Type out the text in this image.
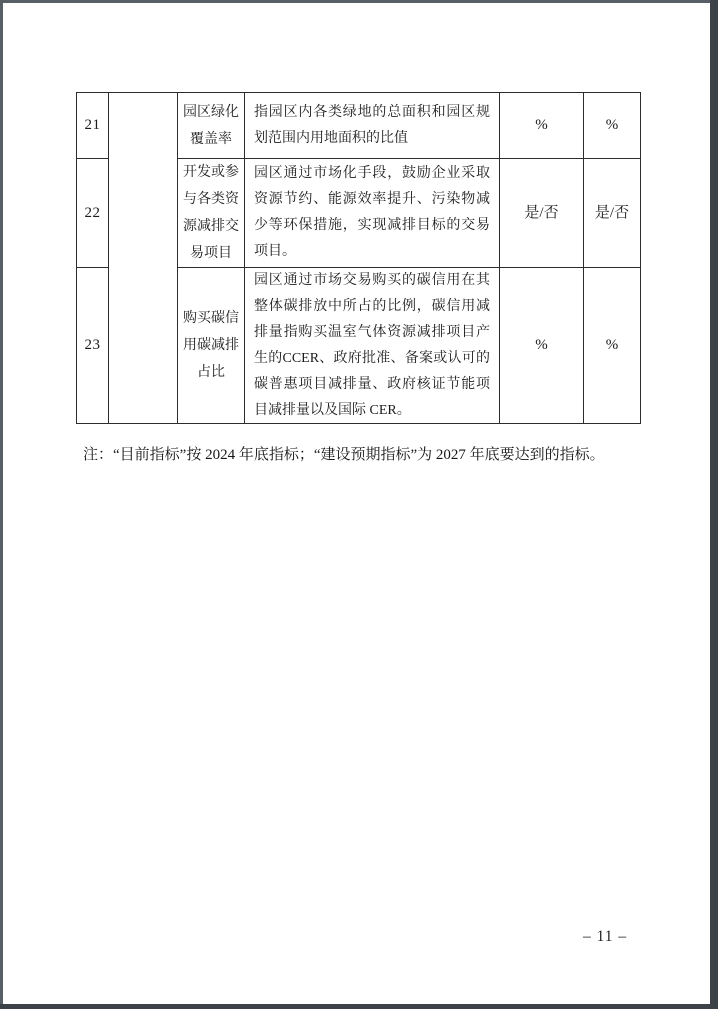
21
园区绿化覆盖率
指园区内各类绿地的总面积和园区规划范围内用地面积的比值
%	%
22
开发或参与各类资源减排交易项目
园区通过市场化手段，鼓励企业采取资源节约、能源效率提升、污染物减少等环保措施，实现减排目标的交易项目。
是/否	是/否
23
购买碳信用碳减排占比
园区通过市场交易购买的碳信用在其整体碳排放中所占的比例，碳信用减排量指购买温室气体资源减排项目产生的CCER、政府批准、备案或认可的碳普惠项目减排量、政府核证节能项目减排量以及国际 CER。
%	%
注：“目前指标”按 2024 年底指标；“建设预期指标”为 2027 年底要达到的指标。
– 11 –
